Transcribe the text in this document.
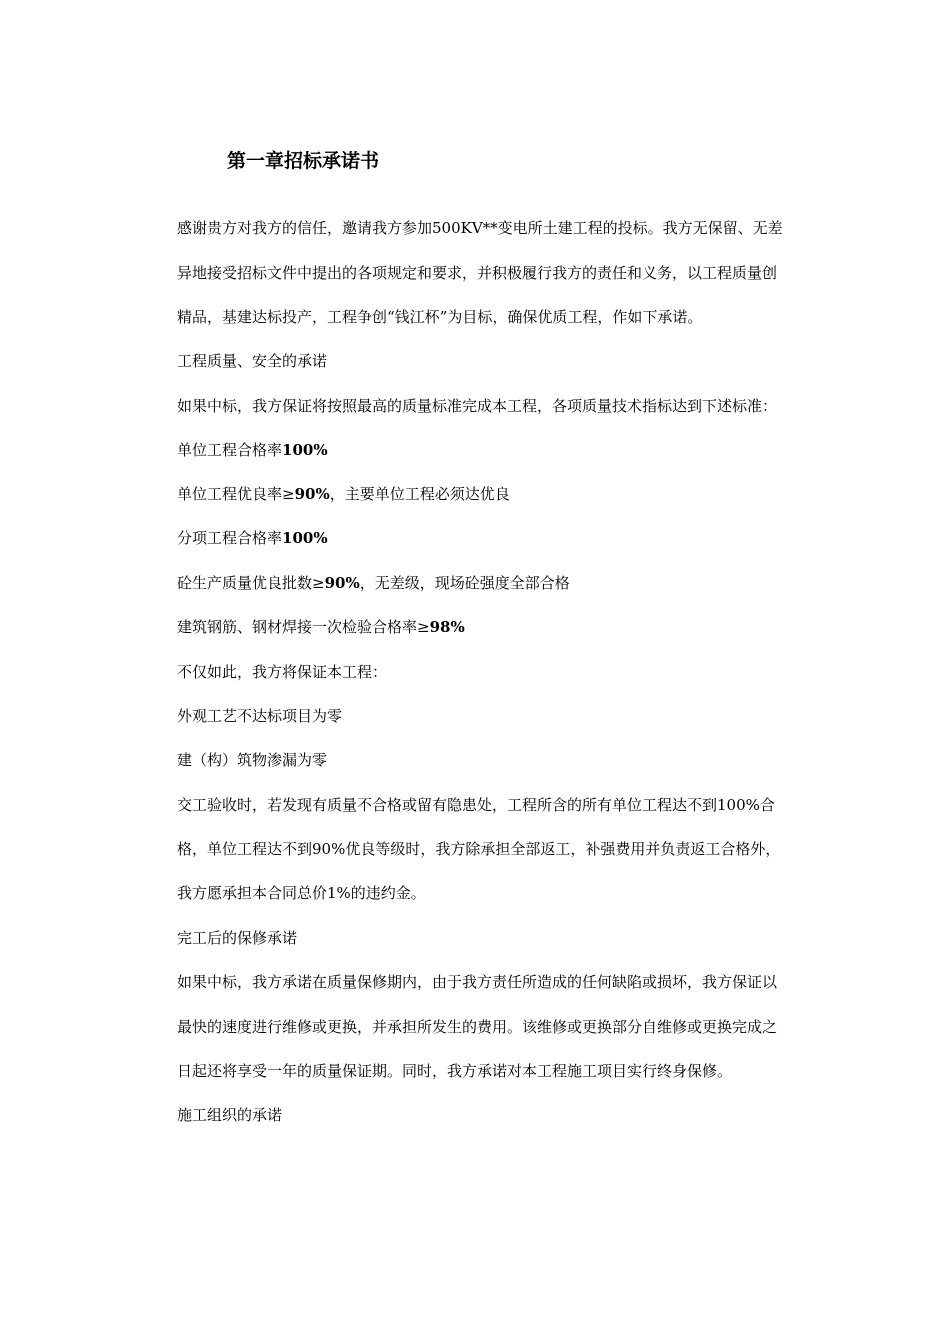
第一章招标承诺书
感谢贵方对我方的信任，邀请我方参加500KV**变电所土建工程的投标。我方无保留、无差
异地接受招标文件中提出的各项规定和要求，并积极履行我方的责任和义务，以工程质量创
精品，基建达标投产，工程争创“钱江杯”为目标，确保优质工程，作如下承诺。
工程质量、安全的承诺
如果中标，我方保证将按照最高的质量标准完成本工程，各项质量技术指标达到下述标准：
单位工程合格率100%
单位工程优良率≥90%，主要单位工程必须达优良
分项工程合格率100%
砼生产质量优良批数≥90%，无差级，现场砼强度全部合格
建筑钢筋、钢材焊接一次检验合格率≥98%
不仅如此，我方将保证本工程：
外观工艺不达标项目为零
建（构）筑物渗漏为零
交工验收时，若发现有质量不合格或留有隐患处，工程所含的所有单位工程达不到100%合
格，单位工程达不到90%优良等级时，我方除承担全部返工，补强费用并负责返工合格外，
我方愿承担本合同总价1%的违约金。
完工后的保修承诺
如果中标，我方承诺在质量保修期内，由于我方责任所造成的任何缺陷或损坏，我方保证以
最快的速度进行维修或更换，并承担所发生的费用。该维修或更换部分自维修或更换完成之
日起还将享受一年的质量保证期。同时，我方承诺对本工程施工项目实行终身保修。
施工组织的承诺
